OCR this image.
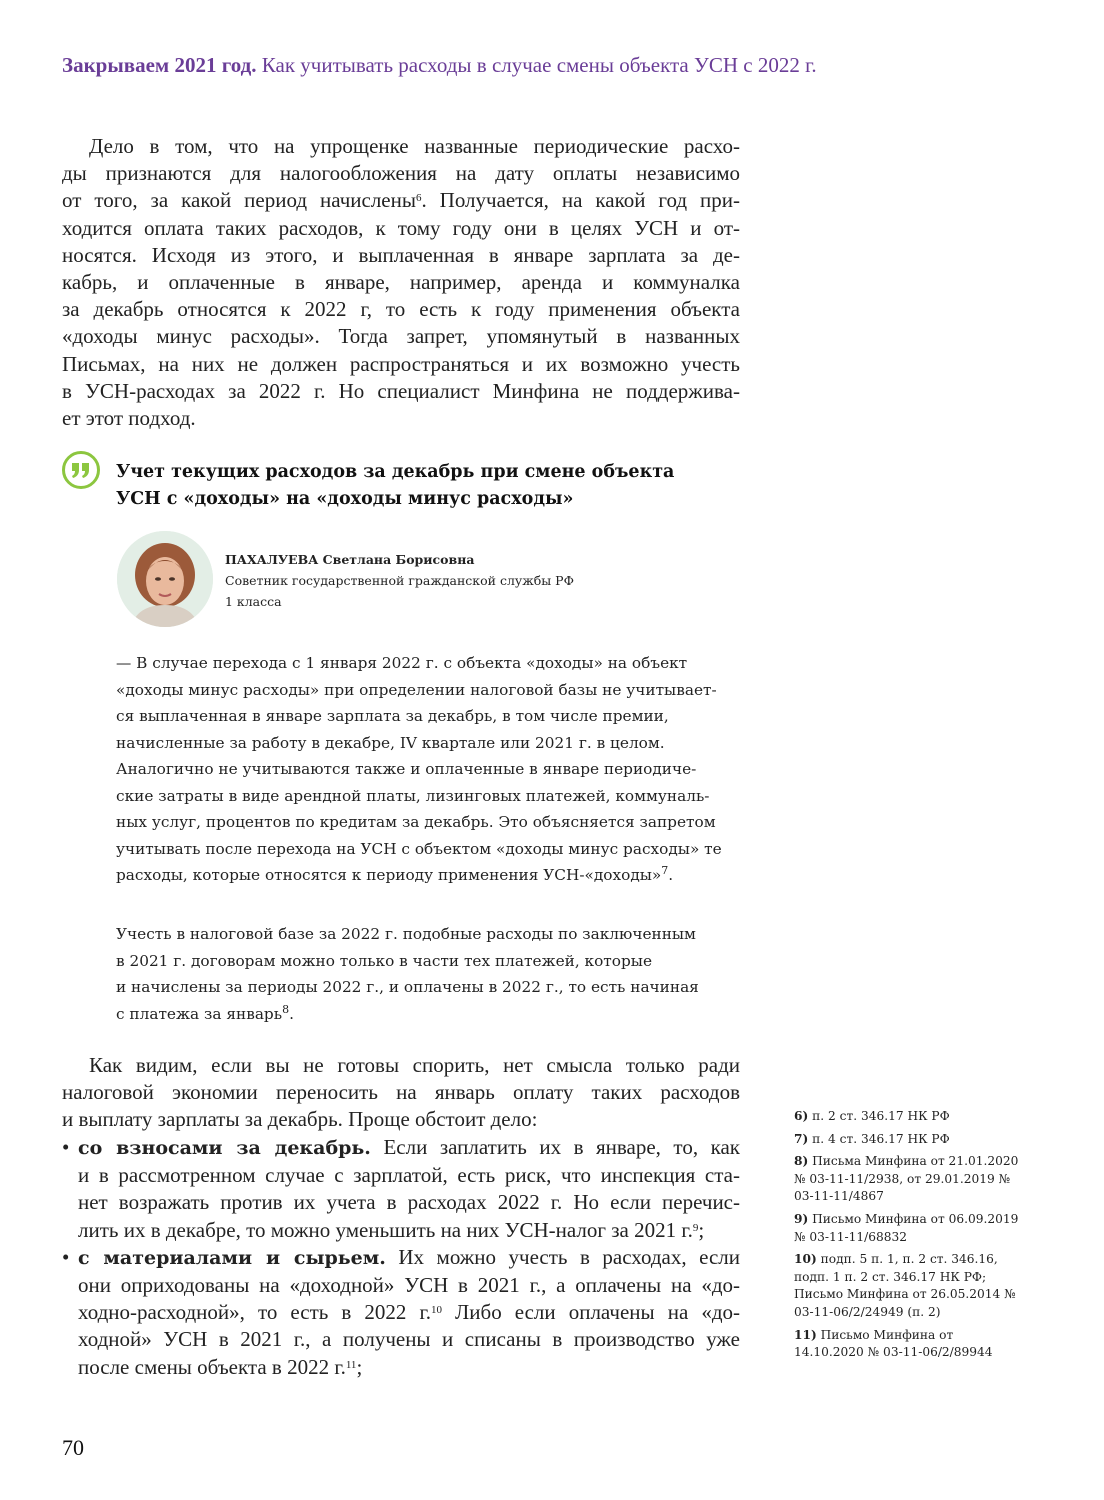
Закрываем 2021 год. Как учитывать расходы в случае смены объекта УСН с 2022 г.
Дело в том, что на упрощенке названные периодические расхо-
ды признаются для налогообложения на дату оплаты независимо
от того, за какой период начислены$^6$. Получается, на какой год при-
ходится оплата таких расходов, к тому году они в целях УСН и от-
носятся. Исходя из этого, и выплаченная в январе зарплата за де-
кабрь, и оплаченные в январе, например, аренда и коммуналка
за декабрь относятся к 2022 г, то есть к году применения объекта
«доходы минус расходы». Тогда запрет, упомянутый в названных
Письмах, на них не должен распространяться и их возможно учесть
в УСН-расходах за 2022 г. Но специалист Минфина не поддержива-
ет этот подход.
Учет текущих расходов за декабрь при смене объекта
УСН с «доходы» на «доходы минус расходы»
ПАХАЛУЕВА Светлана Борисовна
Советник государственной гражданской службы РФ
1 класса
— В случае перехода с 1 января 2022 г. с объекта «доходы» на объект
«доходы минус расходы» при определении налоговой базы не учитывает-
ся выплаченная в январе зарплата за декабрь, в том числе премии,
начисленные за работу в декабре, IV квартале или 2021 г. в целом.
Аналогично не учитываются также и оплаченные в январе периодиче-
ские затраты в виде арендной платы, лизинговых платежей, коммуналь-
ных услуг, процентов по кредитам за декабрь. Это объясняется запретом
учитывать после перехода на УСН с объектом «доходы минус расходы» те
расходы, которые относятся к периоду применения УСН-«доходы»$^7$.
Учесть в налоговой базе за 2022 г. подобные расходы по заключенным
в 2021 г. договорам можно только в части тех платежей, которые
и начислены за периоды 2022 г., и оплачены в 2022 г., то есть начиная
с платежа за январь$^8$.
Как видим, если вы не готовы спорить, нет смысла только ради
налоговой экономии переносить на январь оплату таких расходов
и выплату зарплаты за декабрь. Проще обстоит дело:
• со взносами за декабрь. Если заплатить их в январе, то, как
и в рассмотренном случае с зарплатой, есть риск, что инспекция ста-
нет возражать против их учета в расходах 2022 г. Но если перечис-
лить их в декабре, то можно уменьшить на них УСН-налог за 2021 г.$^9$;
• с материалами и сырьем. Их можно учесть в расходах, если
они оприходованы на «доходной» УСН в 2021 г., а оплачены на «до-
ходно-расходной», то есть в 2022 г.$^{10}$ Либо если оплачены на «до-
ходной» УСН в 2021 г., а получены и списаны в производство уже
после смены объекта в 2022 г.$^{11}$;
6) п. 2 ст. 346.17 НК РФ
7) п. 4 ст. 346.17 НК РФ
8) Письма Минфина от 21.01.2020 № 03-11-11/2938, от 29.01.2019 № 03-11-11/4867
9) Письмо Минфина от 06.09.2019 № 03-11-11/68832
10) подп. 5 п. 1, п. 2 ст. 346.16, подп. 1 п. 2 ст. 346.17 НК РФ; Письмо Минфина от 26.05.2014 № 03-11-06/2/24949 (п. 2)
11) Письмо Минфина от 14.10.2020 № 03-11-06/2/89944
70
